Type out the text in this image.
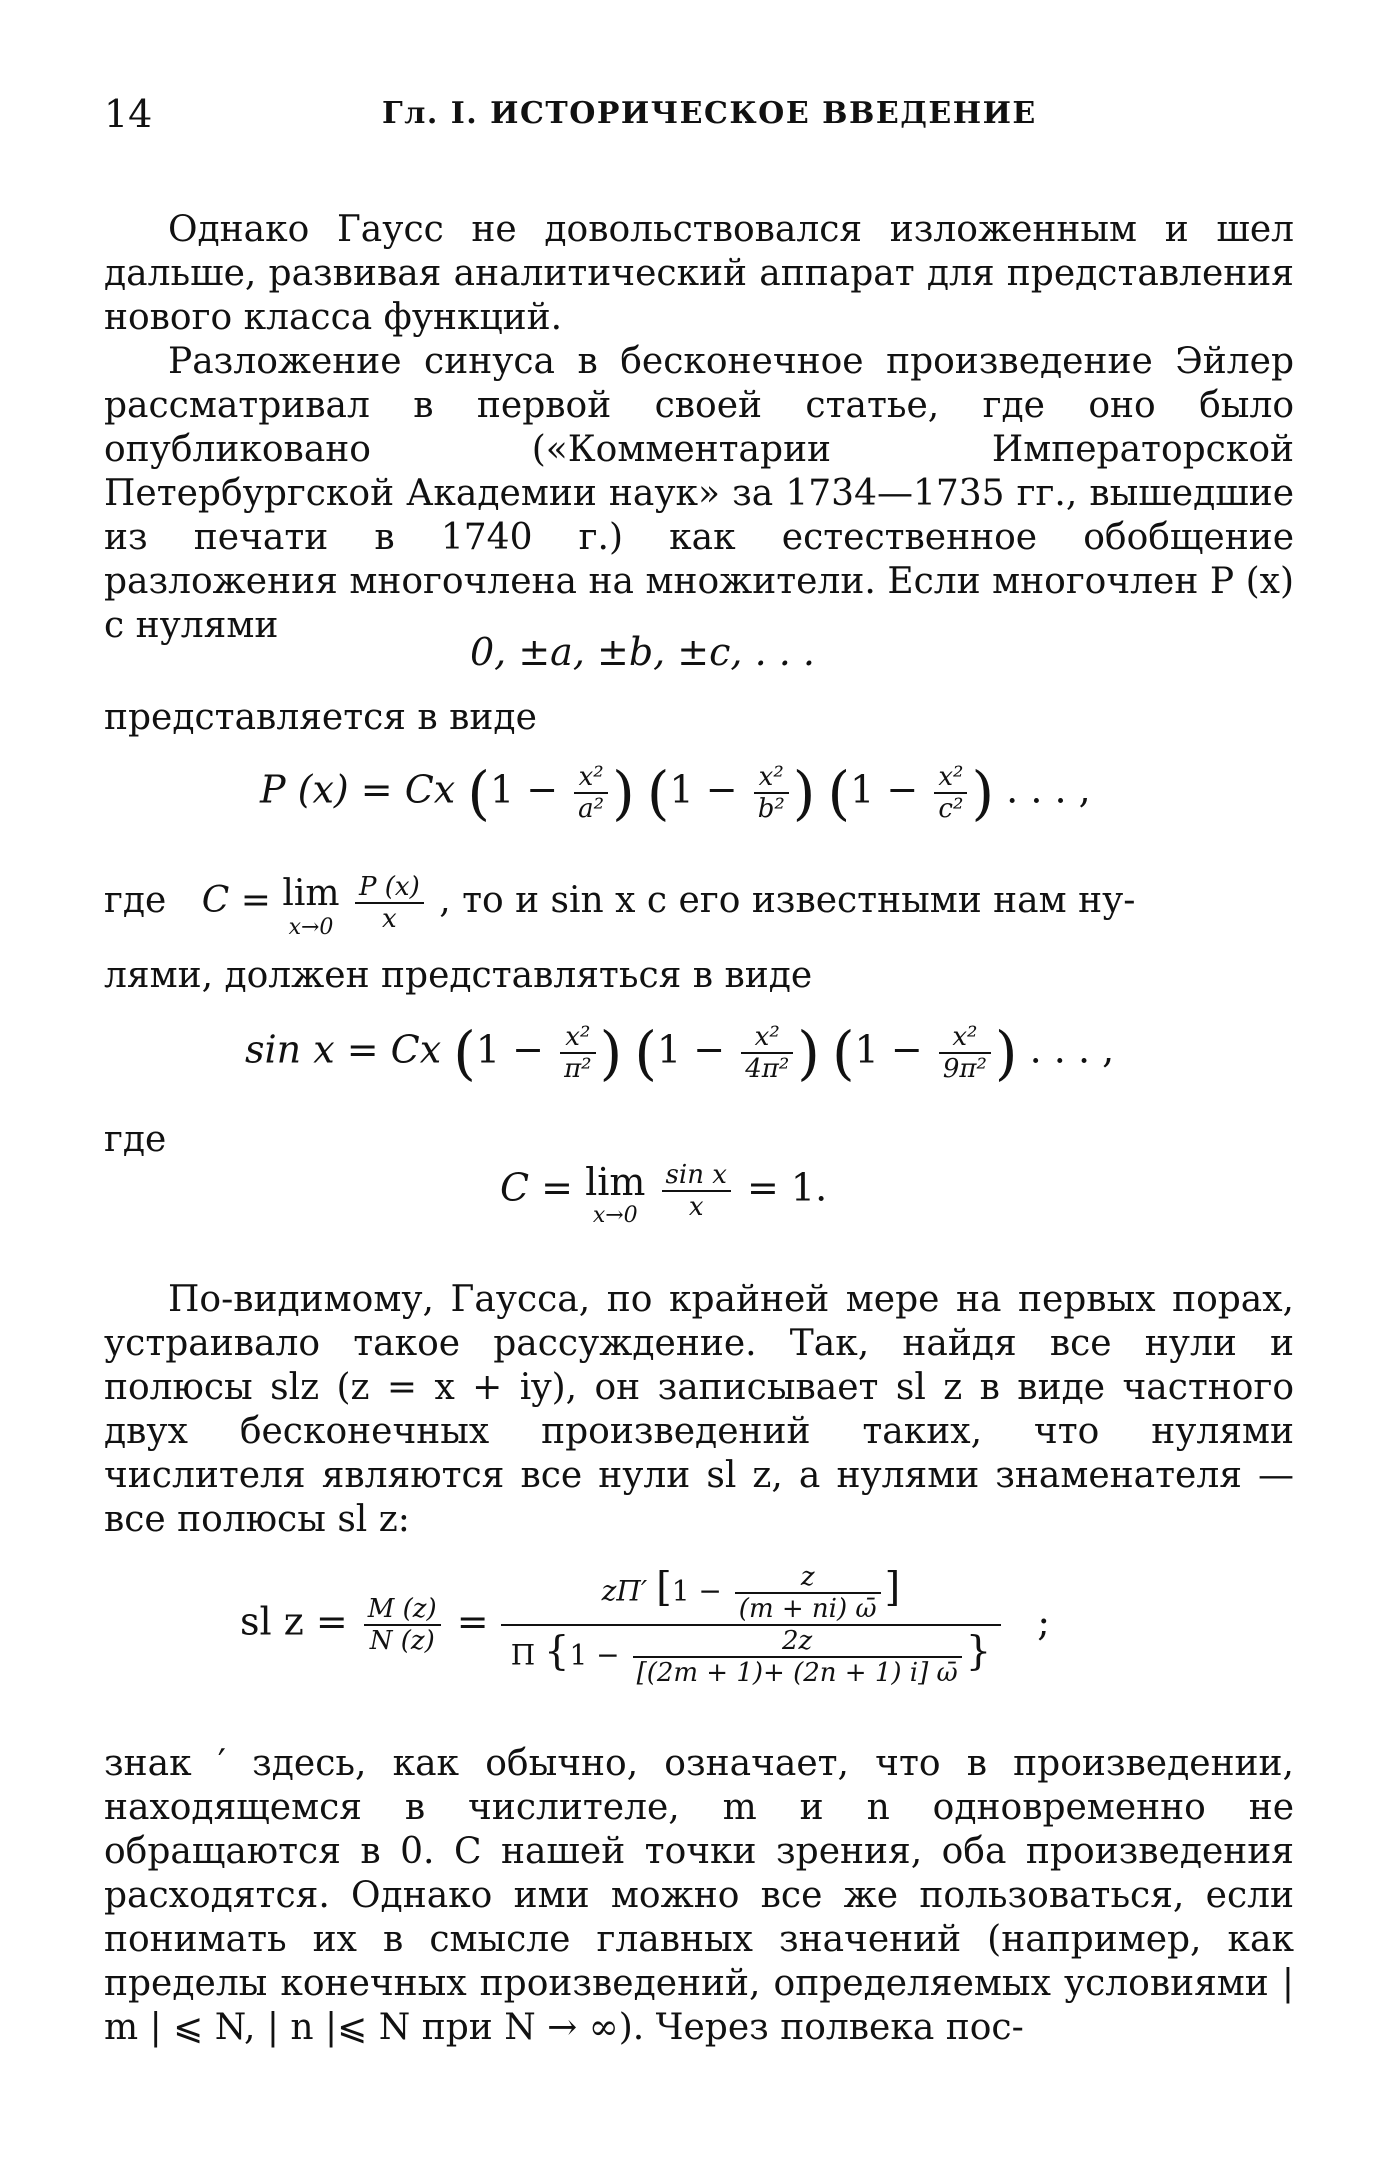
14	Гл. I. ИСТОРИЧЕСКОЕ ВВЕДЕНИЕ
Однако Гаусс не довольствовался изложенным и шел дальше, развивая аналитический аппарат для представления нового класса функций.
Разложение синуса в бесконечное произведение Эйлер рассматривал в первой своей статье, где оно было опубликовано («Комментарии Императорской Петербургской Академии наук» за 1734—1735 гг., вышедшие из печати в 1740 г.) как естественное обобщение разложения многочлена на множители. Если многочлен P (x) с нулями
0, ±a, ±b, ±c, . . .
представляется в виде
P (x) = Cx ($1 - \frac{\text{x²}}{\text{a²}}$ ) ($1 - \frac{\text{x²}}{\text{b²}}$ ) ($1 - \frac{\text{x²}}{\text{c²}}$ ) . . . ,
где C = lim
x→0
$\frac{P (x)}{x}$ , то и sin x с его известными нам ну-
лями, должен представляться в виде
sin x = Cx ($1 - \frac{\text{x²}}{\text{π²}}$ ) ($1 - \frac{\text{x²}}{\text{4π²}}$ ) ($1 - \frac{\text{x²}}{\text{9π²}}$ ) . . . ,
где
C = lim
x→0
$\frac{\text{sin x}}{x} = 1$.
По-видимому, Гаусса, по крайней мере на первых порах, устраивало такое рассуждение. Так, найдя все нули и полюсы slz (z = x + iy), он записывает sl z в виде частного двух бесконечных произведений таких, что нулями числителя являются все нули sl z, а нулями знаменателя — все полюсы sl z:
sl $z = \frac{M (z)}{N (z)} = \frac{z\Pi' [1 - \frac{z}{(m + ni) \omegā} ]}{\Pi \{1 - \frac{2z}{[(2m + 1)+ (2n + 1) i] \omegā} \}}$ ;
знак ′ здесь, как обычно, означает, что в произведении, находящемся в числителе, m и n одновременно не обращаются в 0. С нашей точки зрения, оба произведения расходятся. Однако ими можно все же пользоваться, если понимать их в смысле главных значений (например, как пределы конечных произведений, определяемых условиями | m | ⩽ N, | n |⩽ N при N → ∞). Через полвека пос-
